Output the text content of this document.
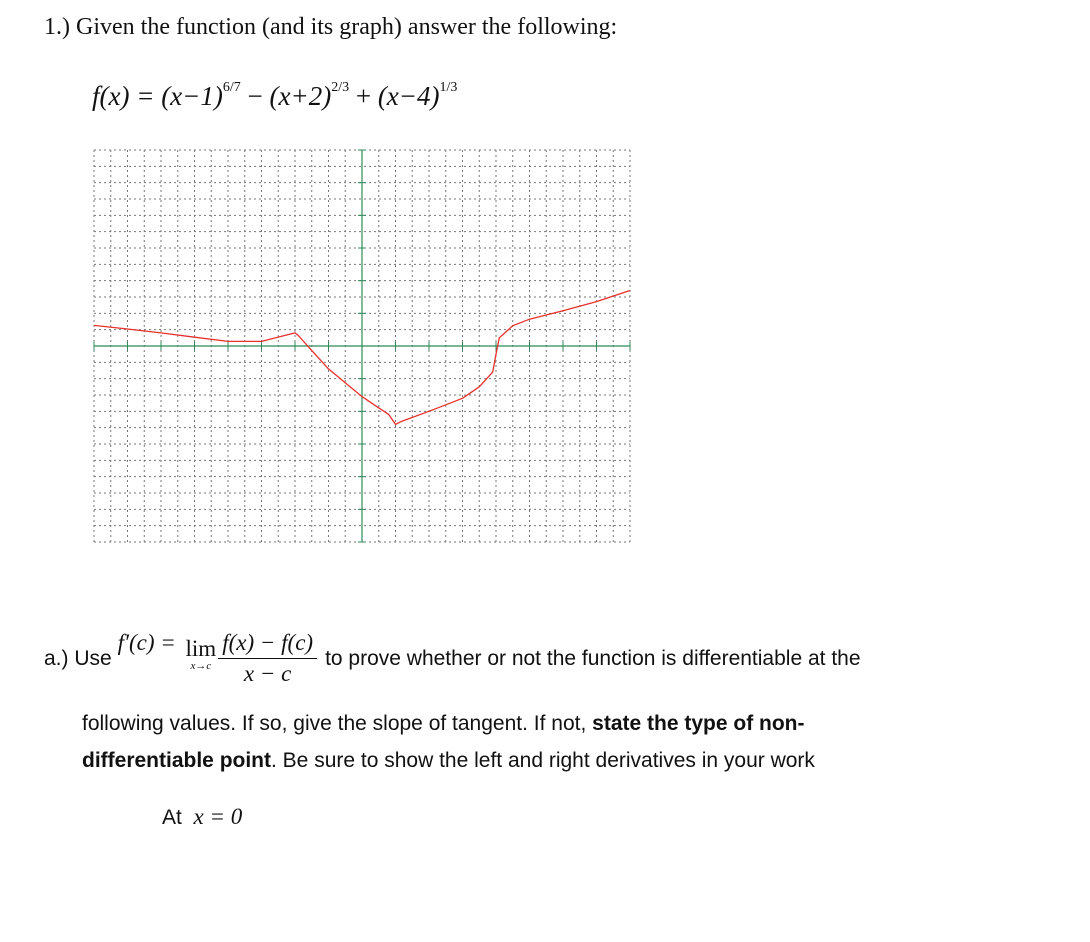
1.) Given the function (and its graph) answer the following:
$f(x) = (x-1)^{6/7} - (x+2)^{2/3} + (x-4)^{1/3}$
a.)
Use

f′(c) = lim
$x\to c \frac{f(x) - f(c)}{x - c}$ to prove whether or not the function is differentiable at the
following values. If so, give the slope of tangent. If not, state the type of non-
differentiable point. Be sure to show the left and right derivatives in your work
At x = 0
